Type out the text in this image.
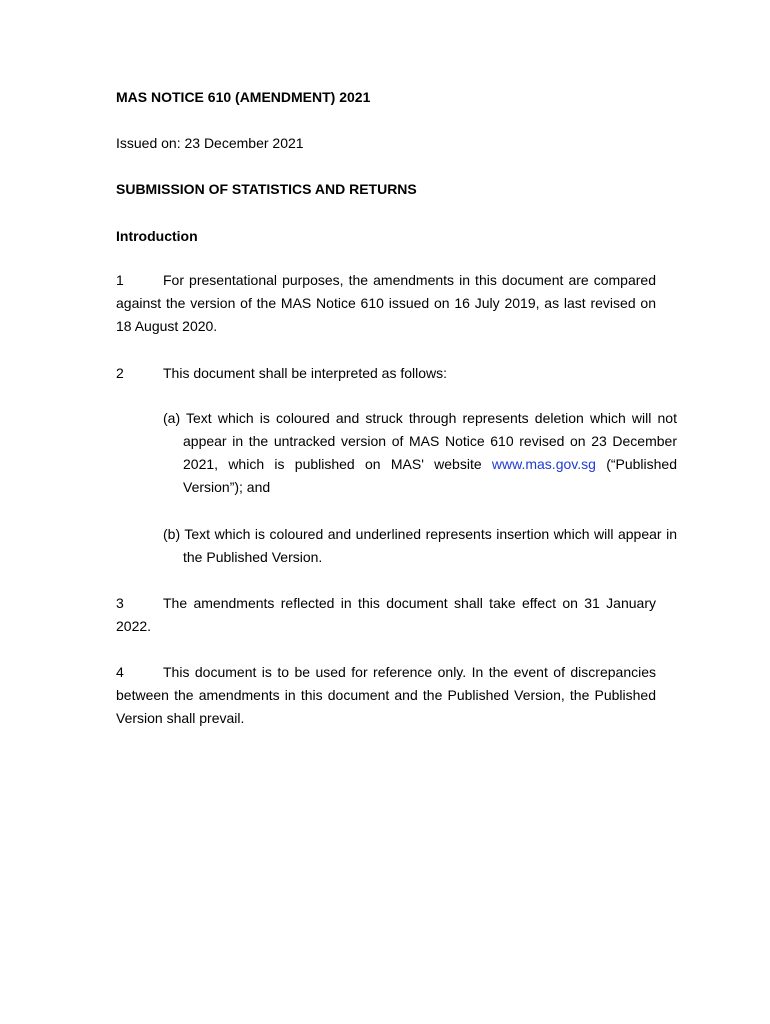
MAS NOTICE 610 (AMENDMENT) 2021

Issued on: 23 December 2021

SUBMISSION OF STATISTICS AND RETURNS

Introduction

1	For presentational purposes, the amendments in this document are compared against the version of the MAS Notice 610 issued on 16 July 2019, as last revised on 18 August 2020.

2	This document shall be interpreted as follows:

(a) Text which is coloured and struck through represents deletion which will not appear in the untracked version of MAS Notice 610 revised on 23 December 2021, which is published on MAS' website www.mas.gov.sg (“Published Version”); and

(b) Text which is coloured and underlined represents insertion which will appear in the Published Version.

3	The amendments reflected in this document shall take effect on 31 January 2022.

4	This document is to be used for reference only. In the event of discrepancies between the amendments in this document and the Published Version, the Published Version shall prevail.
